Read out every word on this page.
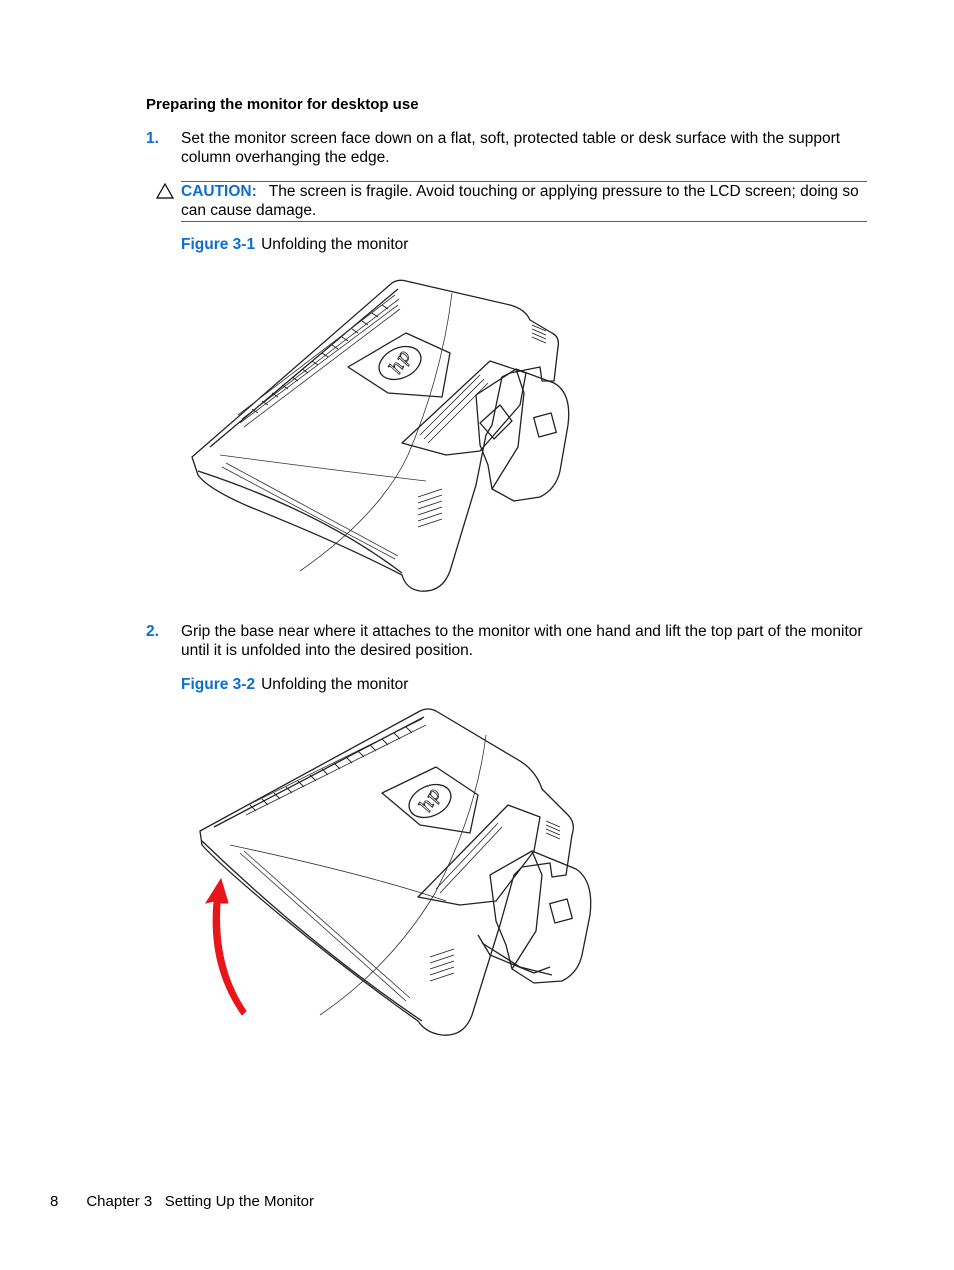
Preparing the monitor for desktop use
1. Set the monitor screen face down on a flat, soft, protected table or desk surface with the support column overhanging the edge.
CAUTION: The screen is fragile. Avoid touching or applying pressure to the LCD screen; doing so can cause damage.
Figure 3-1 Unfolding the monitor
hp
2. Grip the base near where it attaches to the monitor with one hand and lift the top part of the monitor until it is unfolded into the desired position.
Figure 3-2 Unfolding the monitor
hp
8 Chapter 3   Setting Up the Monitor
